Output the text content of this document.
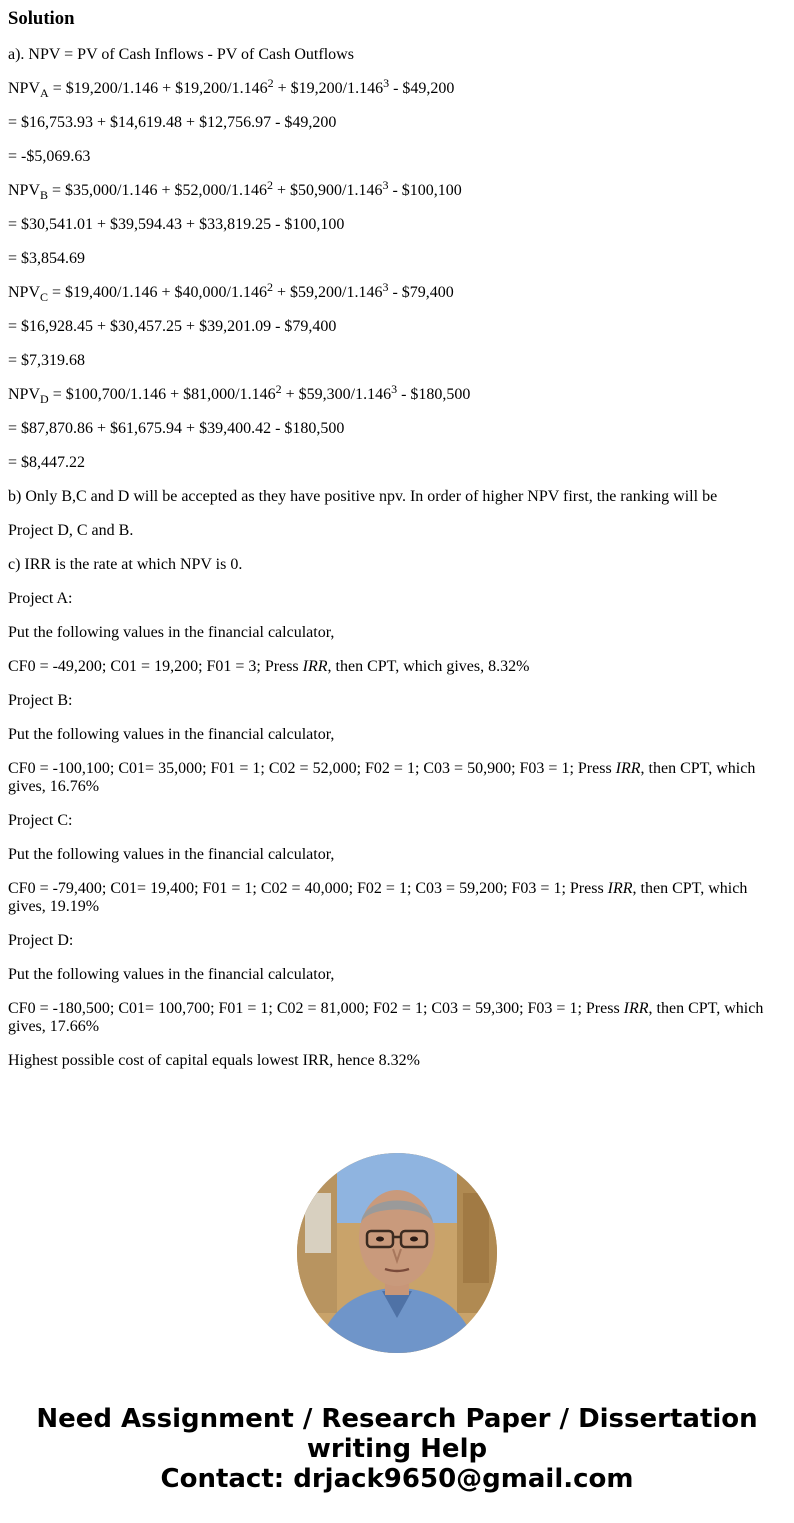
Solution
a). NPV = PV of Cash Inflows - PV of Cash Outflows
$NPV_A$ = $19,200/1.146 + $\$19,200/1.146^2$ + $\$19,200/1.146^3$ - $49,200
= $16,753.93 + $14,619.48 + $12,756.97 - $49,200
= -$5,069.63
$NPV_B$ = $35,000/1.146 + $\$52,000/1.146^2$ + $\$50,900/1.146^3$ - $100,100
= $30,541.01 + $39,594.43 + $33,819.25 - $100,100
= $3,854.69
$NPV_C$ = $19,400/1.146 + $\$40,000/1.146^2$ + $\$59,200/1.146^3$ - $79,400
= $16,928.45 + $30,457.25 + $39,201.09 - $79,400
= $7,319.68
$NPV_D$ = $100,700/1.146 + $\$81,000/1.146^2$ + $\$59,300/1.146^3$ - $180,500
= $87,870.86 + $61,675.94 + $39,400.42 - $180,500
= $8,447.22
b) Only B,C and D will be accepted as they have positive npv. In order of higher NPV first, the ranking will be
Project D, C and B.
c) IRR is the rate at which NPV is 0.
Project A:
Put the following values in the financial calculator,
CF0 = -49,200; C01 = 19,200; F01 = 3; Press IRR, then CPT, which gives, 8.32%
Project B:
Put the following values in the financial calculator,
CF0 = -100,100; C01= 35,000; F01 = 1; C02 = 52,000; F02 = 1; C03 = 50,900; F03 = 1; Press IRR, then CPT, which gives, 16.76%
Project C:
Put the following values in the financial calculator,
CF0 = -79,400; C01= 19,400; F01 = 1; C02 = 40,000; F02 = 1; C03 = 59,200; F03 = 1; Press IRR, then CPT, which gives, 19.19%
Project D:
Put the following values in the financial calculator,
CF0 = -180,500; C01= 100,700; F01 = 1; C02 = 81,000; F02 = 1; C03 = 59,300; F03 = 1; Press IRR, then CPT, which gives, 17.66%
Highest possible cost of capital equals lowest IRR, hence 8.32%
Need Assignment / Research Paper / Dissertation
writing Help
Contact: drjack9650@gmail.com
